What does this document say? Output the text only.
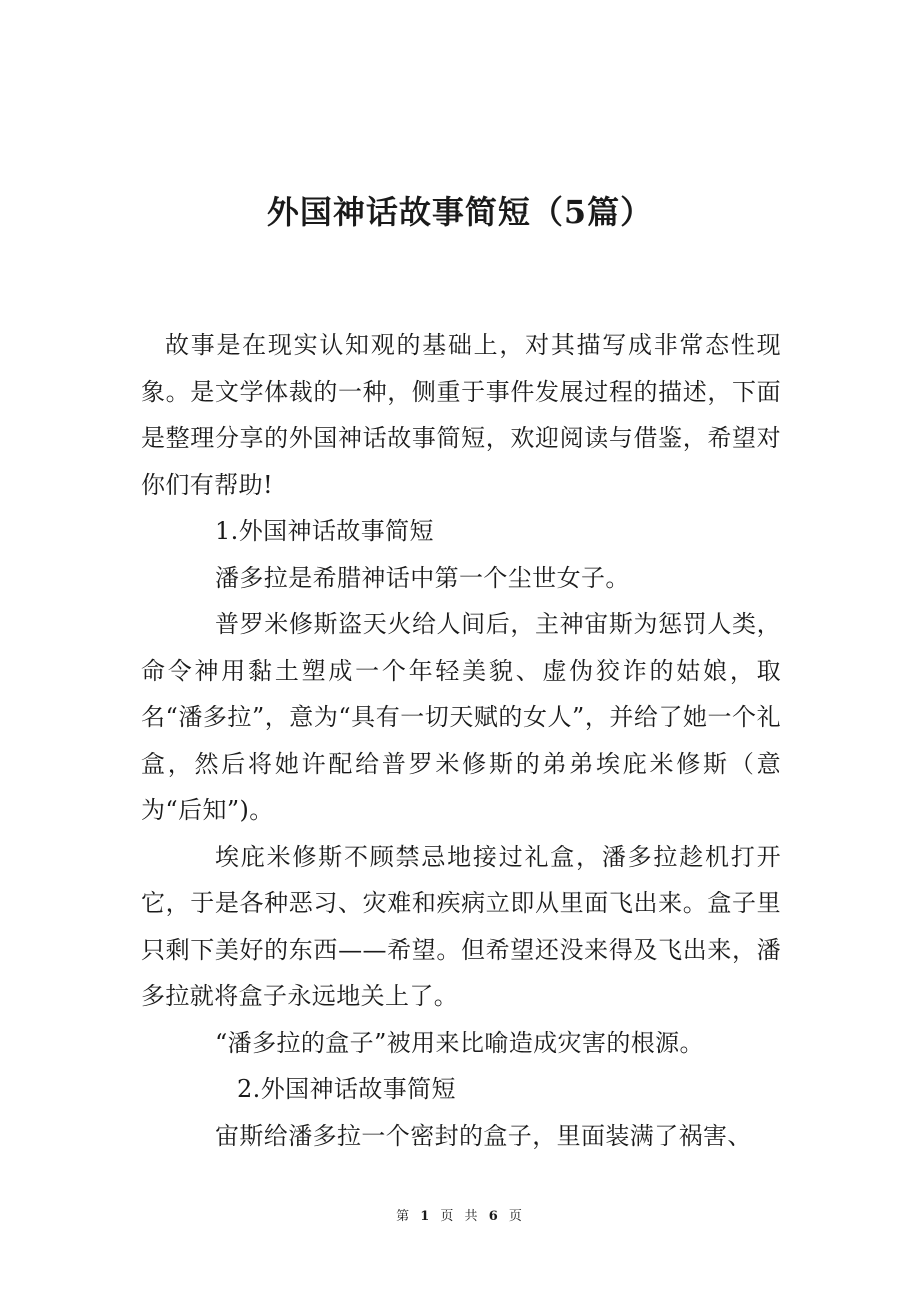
外国神话故事简短（5篇）

故事是在现实认知观的基础上，对其描写成非常态性现象。是文学体裁的一种，侧重于事件发展过程的描述，下面是整理分享的外国神话故事简短，欢迎阅读与借鉴，希望对你们有帮助!

1.外国神话故事简短

潘多拉是希腊神话中第一个尘世女子。

普罗米修斯盗天火给人间后，主神宙斯为惩罚人类，命令神用黏土塑成一个年轻美貌、虚伪狡诈的姑娘，取名“潘多拉”，意为“具有一切天赋的女人”，并给了她一个礼盒，然后将她许配给普罗米修斯的弟弟埃庇米修斯（意为“后知”)。

埃庇米修斯不顾禁忌地接过礼盒，潘多拉趁机打开它，于是各种恶习、灾难和疾病立即从里面飞出来。盒子里只剩下美好的东西——希望。但希望还没来得及飞出来，潘多拉就将盒子永远地关上了。

“潘多拉的盒子”被用来比喻造成灾害的根源。

2.外国神话故事简短

宙斯给潘多拉一个密封的盒子，里面装满了祸害、

第 1 页 共 6 页
